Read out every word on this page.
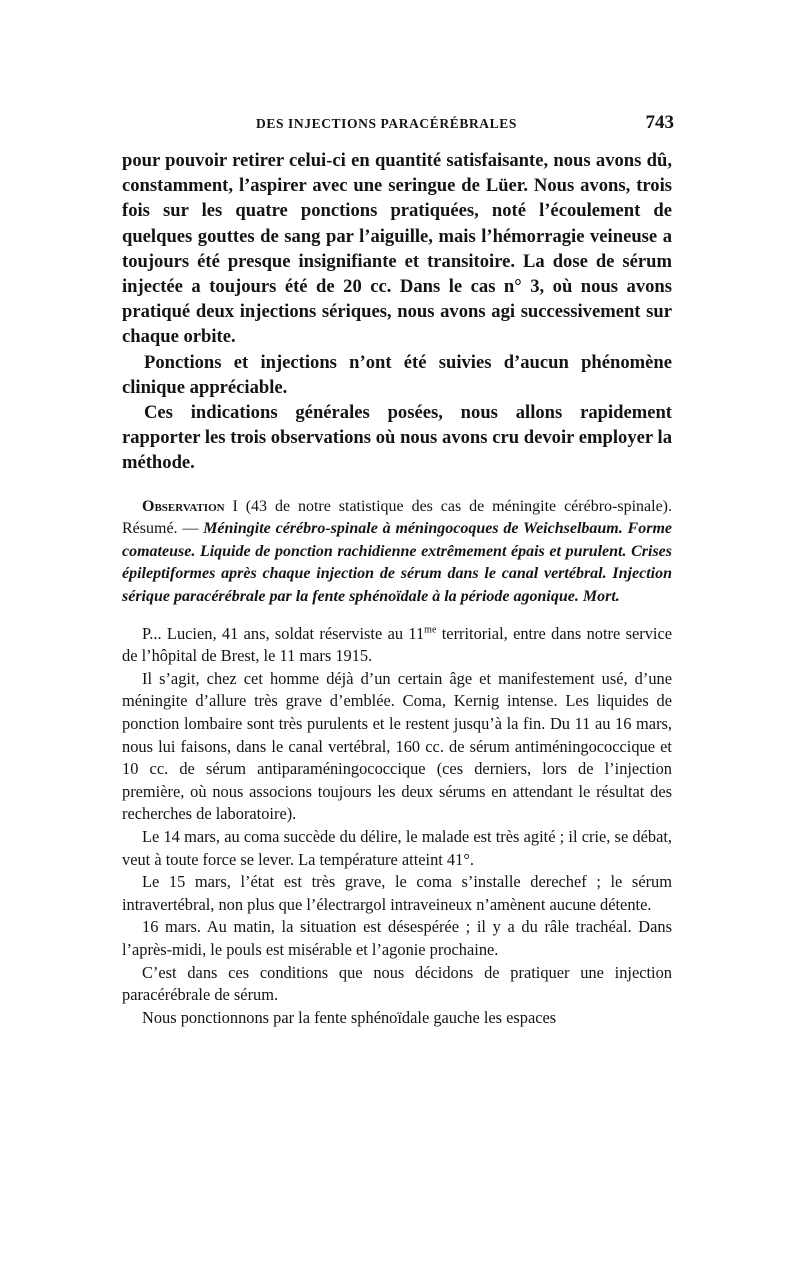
DES INJECTIONS PARACÉRÉBRALES	743

pour pouvoir retirer celui-ci en quantité satisfaisante, nous avons dû, constamment, l’aspirer avec une seringue de Lüer. Nous avons, trois fois sur les quatre ponctions pratiquées, noté l’écoulement de quelques gouttes de sang par l’aiguille, mais l’hémorragie veineuse a toujours été presque insignifiante et transitoire. La dose de sérum injectée a toujours été de 20 cc. Dans le cas n° 3, où nous avons pratiqué deux injections sériques, nous avons agi successivement sur chaque orbite.

Ponctions et injections n’ont été suivies d’aucun phénomène clinique appréciable.

Ces indications générales posées, nous allons rapidement rapporter les trois observations où nous avons cru devoir employer la méthode.

Observation I (43 de notre statistique des cas de méningite cérébro-spinale). Résumé. — Méningite cérébro-spinale à méningocoques de Weichselbaum. Forme comateuse. Liquide de ponction rachidienne extrêmement épais et purulent. Crises épileptiformes après chaque injection de sérum dans le canal vertébral. Injection sérique paracérébrale par la fente sphénoïdale à la période agonique. Mort.

P... Lucien, 41 ans, soldat réserviste au $11^{me}$ territorial, entre dans notre service de l’hôpital de Brest, le 11 mars 1915.

Il s’agit, chez cet homme déjà d’un certain âge et manifestement usé, d’une méningite d’allure très grave d’emblée. Coma, Kernig intense. Les liquides de ponction lombaire sont très purulents et le restent jusqu’à la fin. Du 11 au 16 mars, nous lui faisons, dans le canal vertébral, 160 cc. de sérum antiméningococcique et 10 cc. de sérum antiparaméningococcique (ces derniers, lors de l’injection première, où nous associons toujours les deux sérums en attendant le résultat des recherches de laboratoire).

Le 14 mars, au coma succède du délire, le malade est très agité ; il crie, se débat, veut à toute force se lever. La température atteint 41°.

Le 15 mars, l’état est très grave, le coma s’installe derechef ; le sérum intravertébral, non plus que l’électrargol intraveineux n’amènent aucune détente.

16 mars. Au matin, la situation est désespérée ; il y a du râle trachéal. Dans l’après-midi, le pouls est misérable et l’agonie prochaine.

C’est dans ces conditions que nous décidons de pratiquer une injection paracérébrale de sérum.

Nous ponctionnons par la fente sphénoïdale gauche les espaces
